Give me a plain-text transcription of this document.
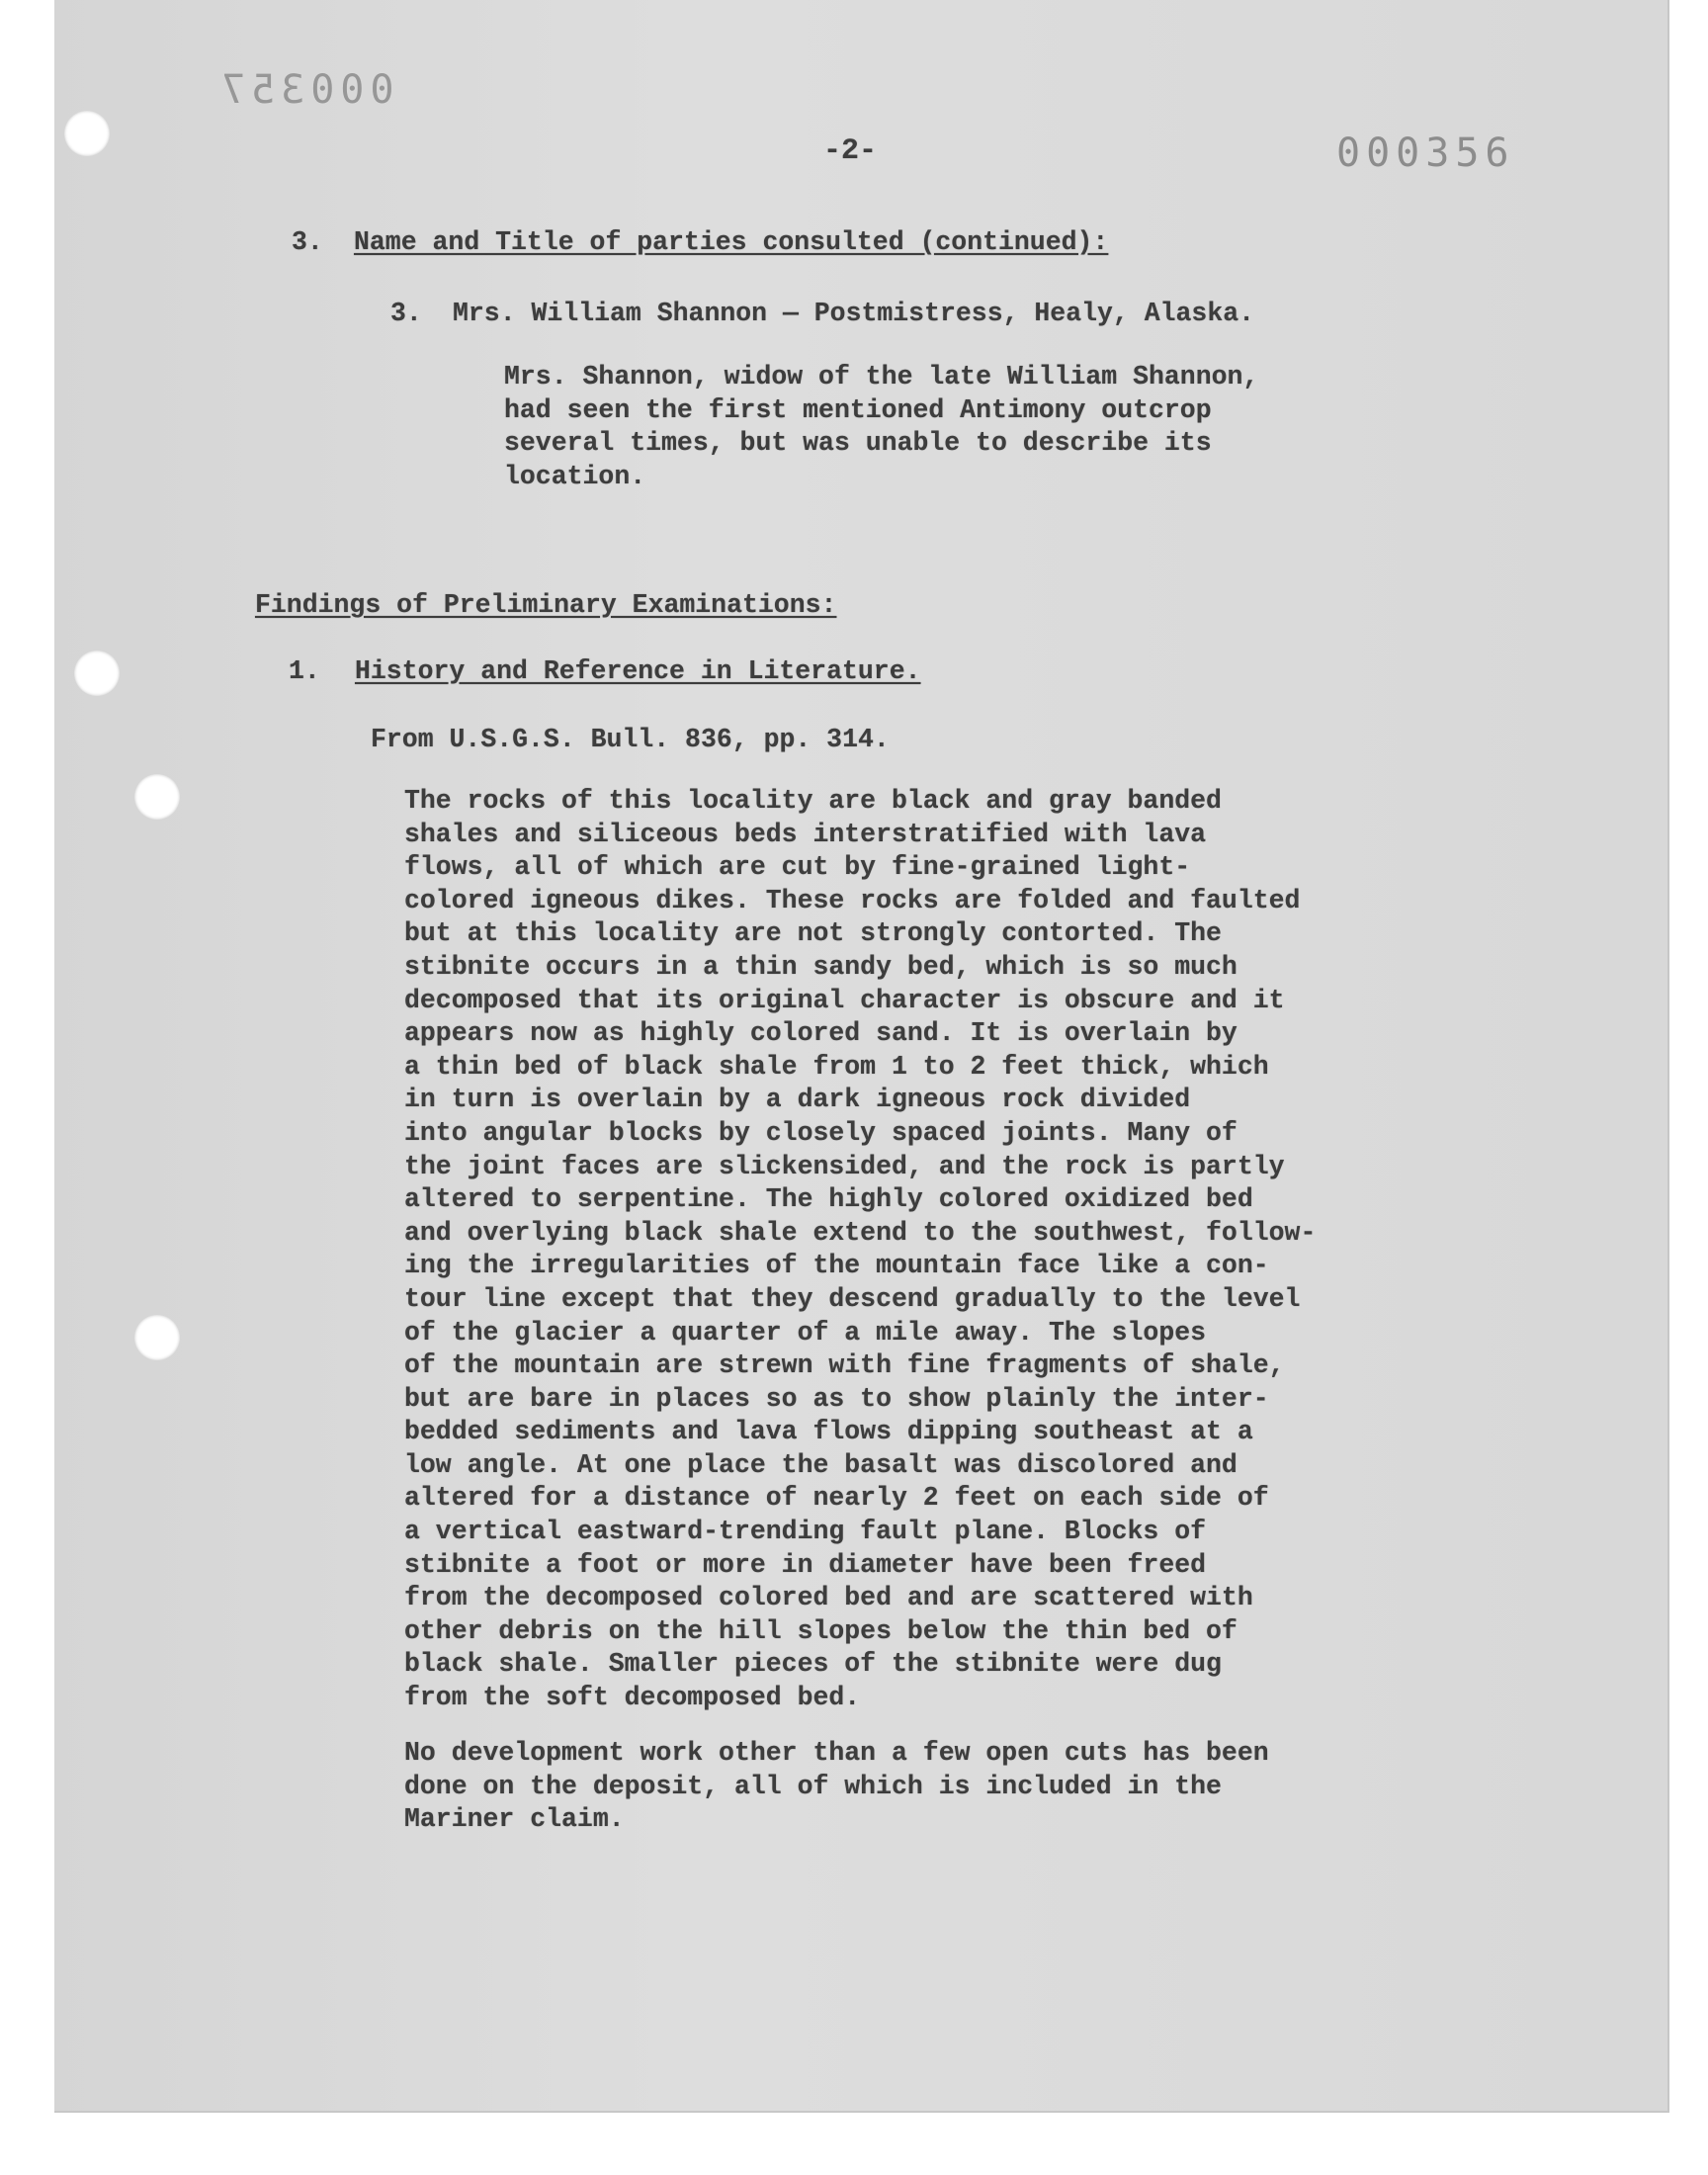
000357
000356
-2-
3. Name and Title of parties consulted (continued):
3. Mrs. William Shannon — Postmistress, Healy, Alaska.
Mrs. Shannon, widow of the late William Shannon,
had seen the first mentioned Antimony outcrop
several times, but was unable to describe its
location.
Findings of Preliminary Examinations:
1. History and Reference in Literature.
From U.S.G.S. Bull. 836, pp. 314.
The rocks of this locality are black and gray banded
shales and siliceous beds interstratified with lava
flows, all of which are cut by fine-grained light-
colored igneous dikes. These rocks are folded and faulted
but at this locality are not strongly contorted. The
stibnite occurs in a thin sandy bed, which is so much
decomposed that its original character is obscure and it
appears now as highly colored sand. It is overlain by
a thin bed of black shale from 1 to 2 feet thick, which
in turn is overlain by a dark igneous rock divided
into angular blocks by closely spaced joints. Many of
the joint faces are slickensided, and the rock is partly
altered to serpentine. The highly colored oxidized bed
and overlying black shale extend to the southwest, follow-
ing the irregularities of the mountain face like a con-
tour line except that they descend gradually to the level
of the glacier a quarter of a mile away. The slopes
of the mountain are strewn with fine fragments of shale,
but are bare in places so as to show plainly the inter-
bedded sediments and lava flows dipping southeast at a
low angle. At one place the basalt was discolored and
altered for a distance of nearly 2 feet on each side of
a vertical eastward-trending fault plane. Blocks of
stibnite a foot or more in diameter have been freed
from the decomposed colored bed and are scattered with
other debris on the hill slopes below the thin bed of
black shale. Smaller pieces of the stibnite were dug
from the soft decomposed bed.
No development work other than a few open cuts has been
done on the deposit, all of which is included in the
Mariner claim.
